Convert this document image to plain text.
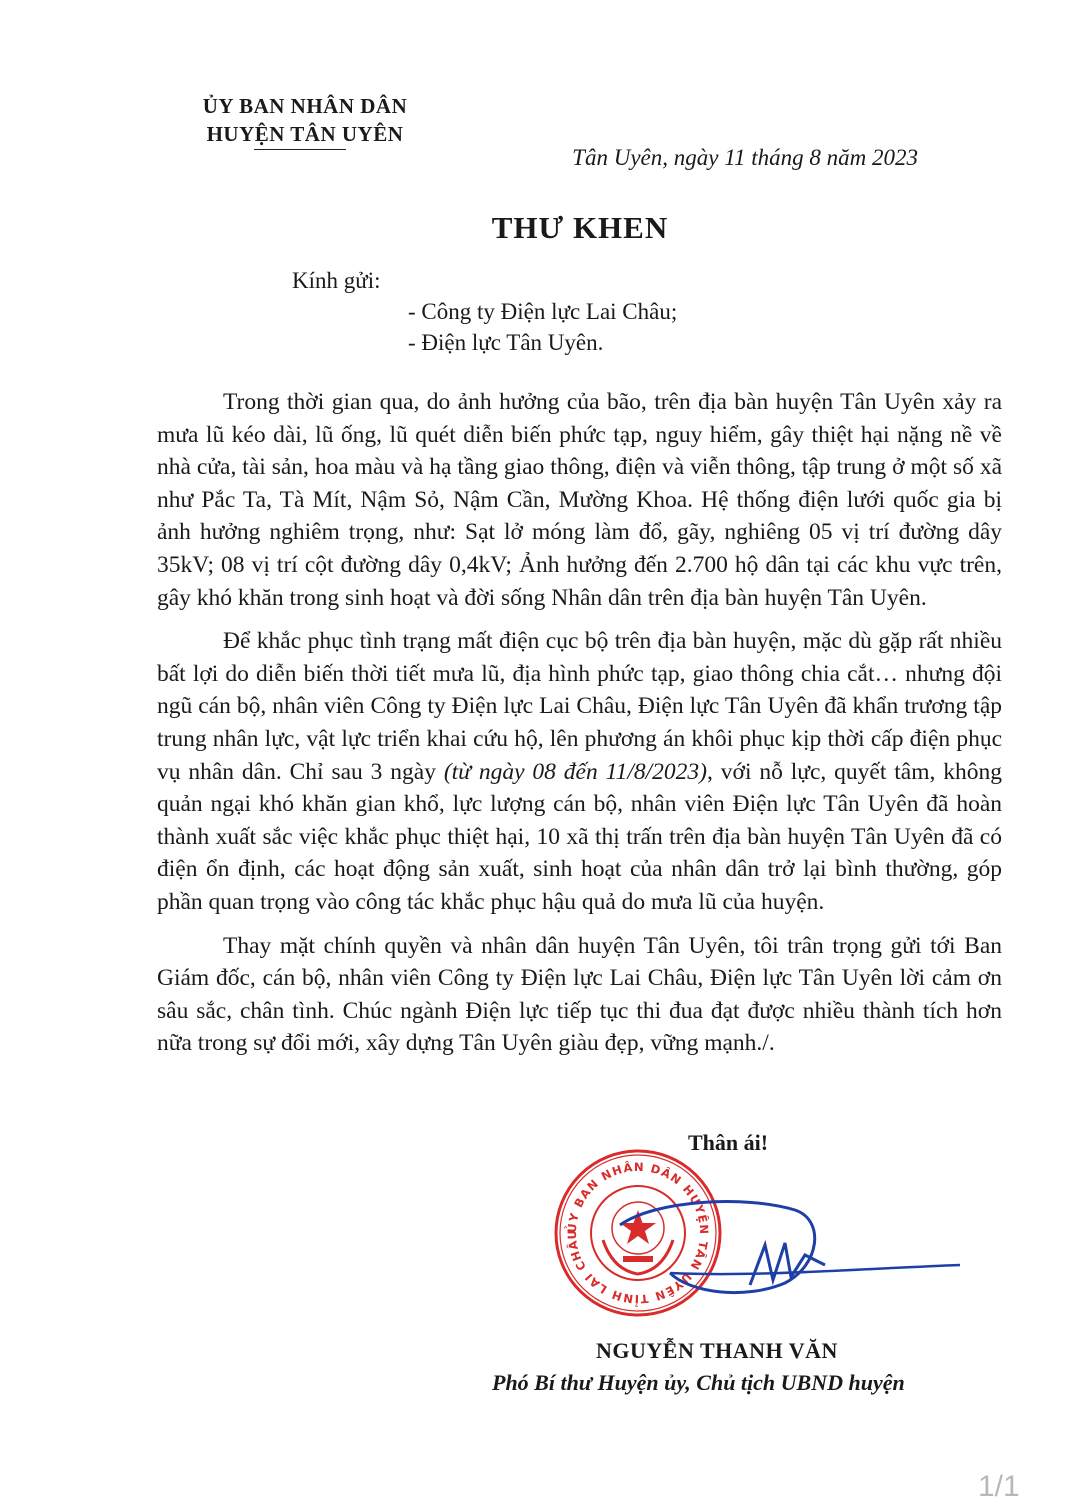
ỦY BAN NHÂN DÂN
HUYỆN TÂN UYÊN
Tân Uyên, ngày 11 tháng 8 năm 2023
THƯ KHEN
Kính gửi:
- Công ty Điện lực Lai Châu;
- Điện lực Tân Uyên.

Trong thời gian qua, do ảnh hưởng của bão, trên địa bàn huyện Tân Uyên xảy ra mưa lũ kéo dài, lũ ống, lũ quét diễn biến phức tạp, nguy hiểm, gây thiệt hại nặng nề về nhà cửa, tài sản, hoa màu và hạ tầng giao thông, điện và viễn thông, tập trung ở một số xã như Pắc Ta, Tà Mít, Nậm Sỏ, Nậm Cần, Mường Khoa. Hệ thống điện lưới quốc gia bị ảnh hưởng nghiêm trọng, như: Sạt lở móng làm đổ, gãy, nghiêng 05 vị trí đường dây 35kV; 08 vị trí cột đường dây 0,4kV; Ảnh hưởng đến 2.700 hộ dân tại các khu vực trên, gây khó khăn trong sinh hoạt và đời sống Nhân dân trên địa bàn huyện Tân Uyên.

Để khắc phục tình trạng mất điện cục bộ trên địa bàn huyện, mặc dù gặp rất nhiều bất lợi do diễn biến thời tiết mưa lũ, địa hình phức tạp, giao thông chia cắt… nhưng đội ngũ cán bộ, nhân viên Công ty Điện lực Lai Châu, Điện lực Tân Uyên đã khẩn trương tập trung nhân lực, vật lực triển khai cứu hộ, lên phương án khôi phục kịp thời cấp điện phục vụ nhân dân. Chỉ sau 3 ngày (từ ngày 08 đến 11/8/2023), với nỗ lực, quyết tâm, không quản ngại khó khăn gian khổ, lực lượng cán bộ, nhân viên Điện lực Tân Uyên đã hoàn thành xuất sắc việc khắc phục thiệt hại, 10 xã thị trấn trên địa bàn huyện Tân Uyên đã có điện ổn định, các hoạt động sản xuất, sinh hoạt của nhân dân trở lại bình thường, góp phần quan trọng vào công tác khắc phục hậu quả do mưa lũ của huyện.

Thay mặt chính quyền và nhân dân huyện Tân Uyên, tôi trân trọng gửi tới Ban Giám đốc, cán bộ, nhân viên Công ty Điện lực Lai Châu, Điện lực Tân Uyên lời cảm ơn sâu sắc, chân tình. Chúc ngành Điện lực tiếp tục thi đua đạt được nhiều thành tích hơn nữa trong sự đổi mới, xây dựng Tân Uyên giàu đẹp, vững mạnh./.

Thân ái!
ỦY BAN NHÂN DÂN HUYỆN TÂN UYÊN TỈNH LAI CHÂU
NGUYỄN THANH VĂN
Phó Bí thư Huyện ủy, Chủ tịch UBND huyện
1/1
